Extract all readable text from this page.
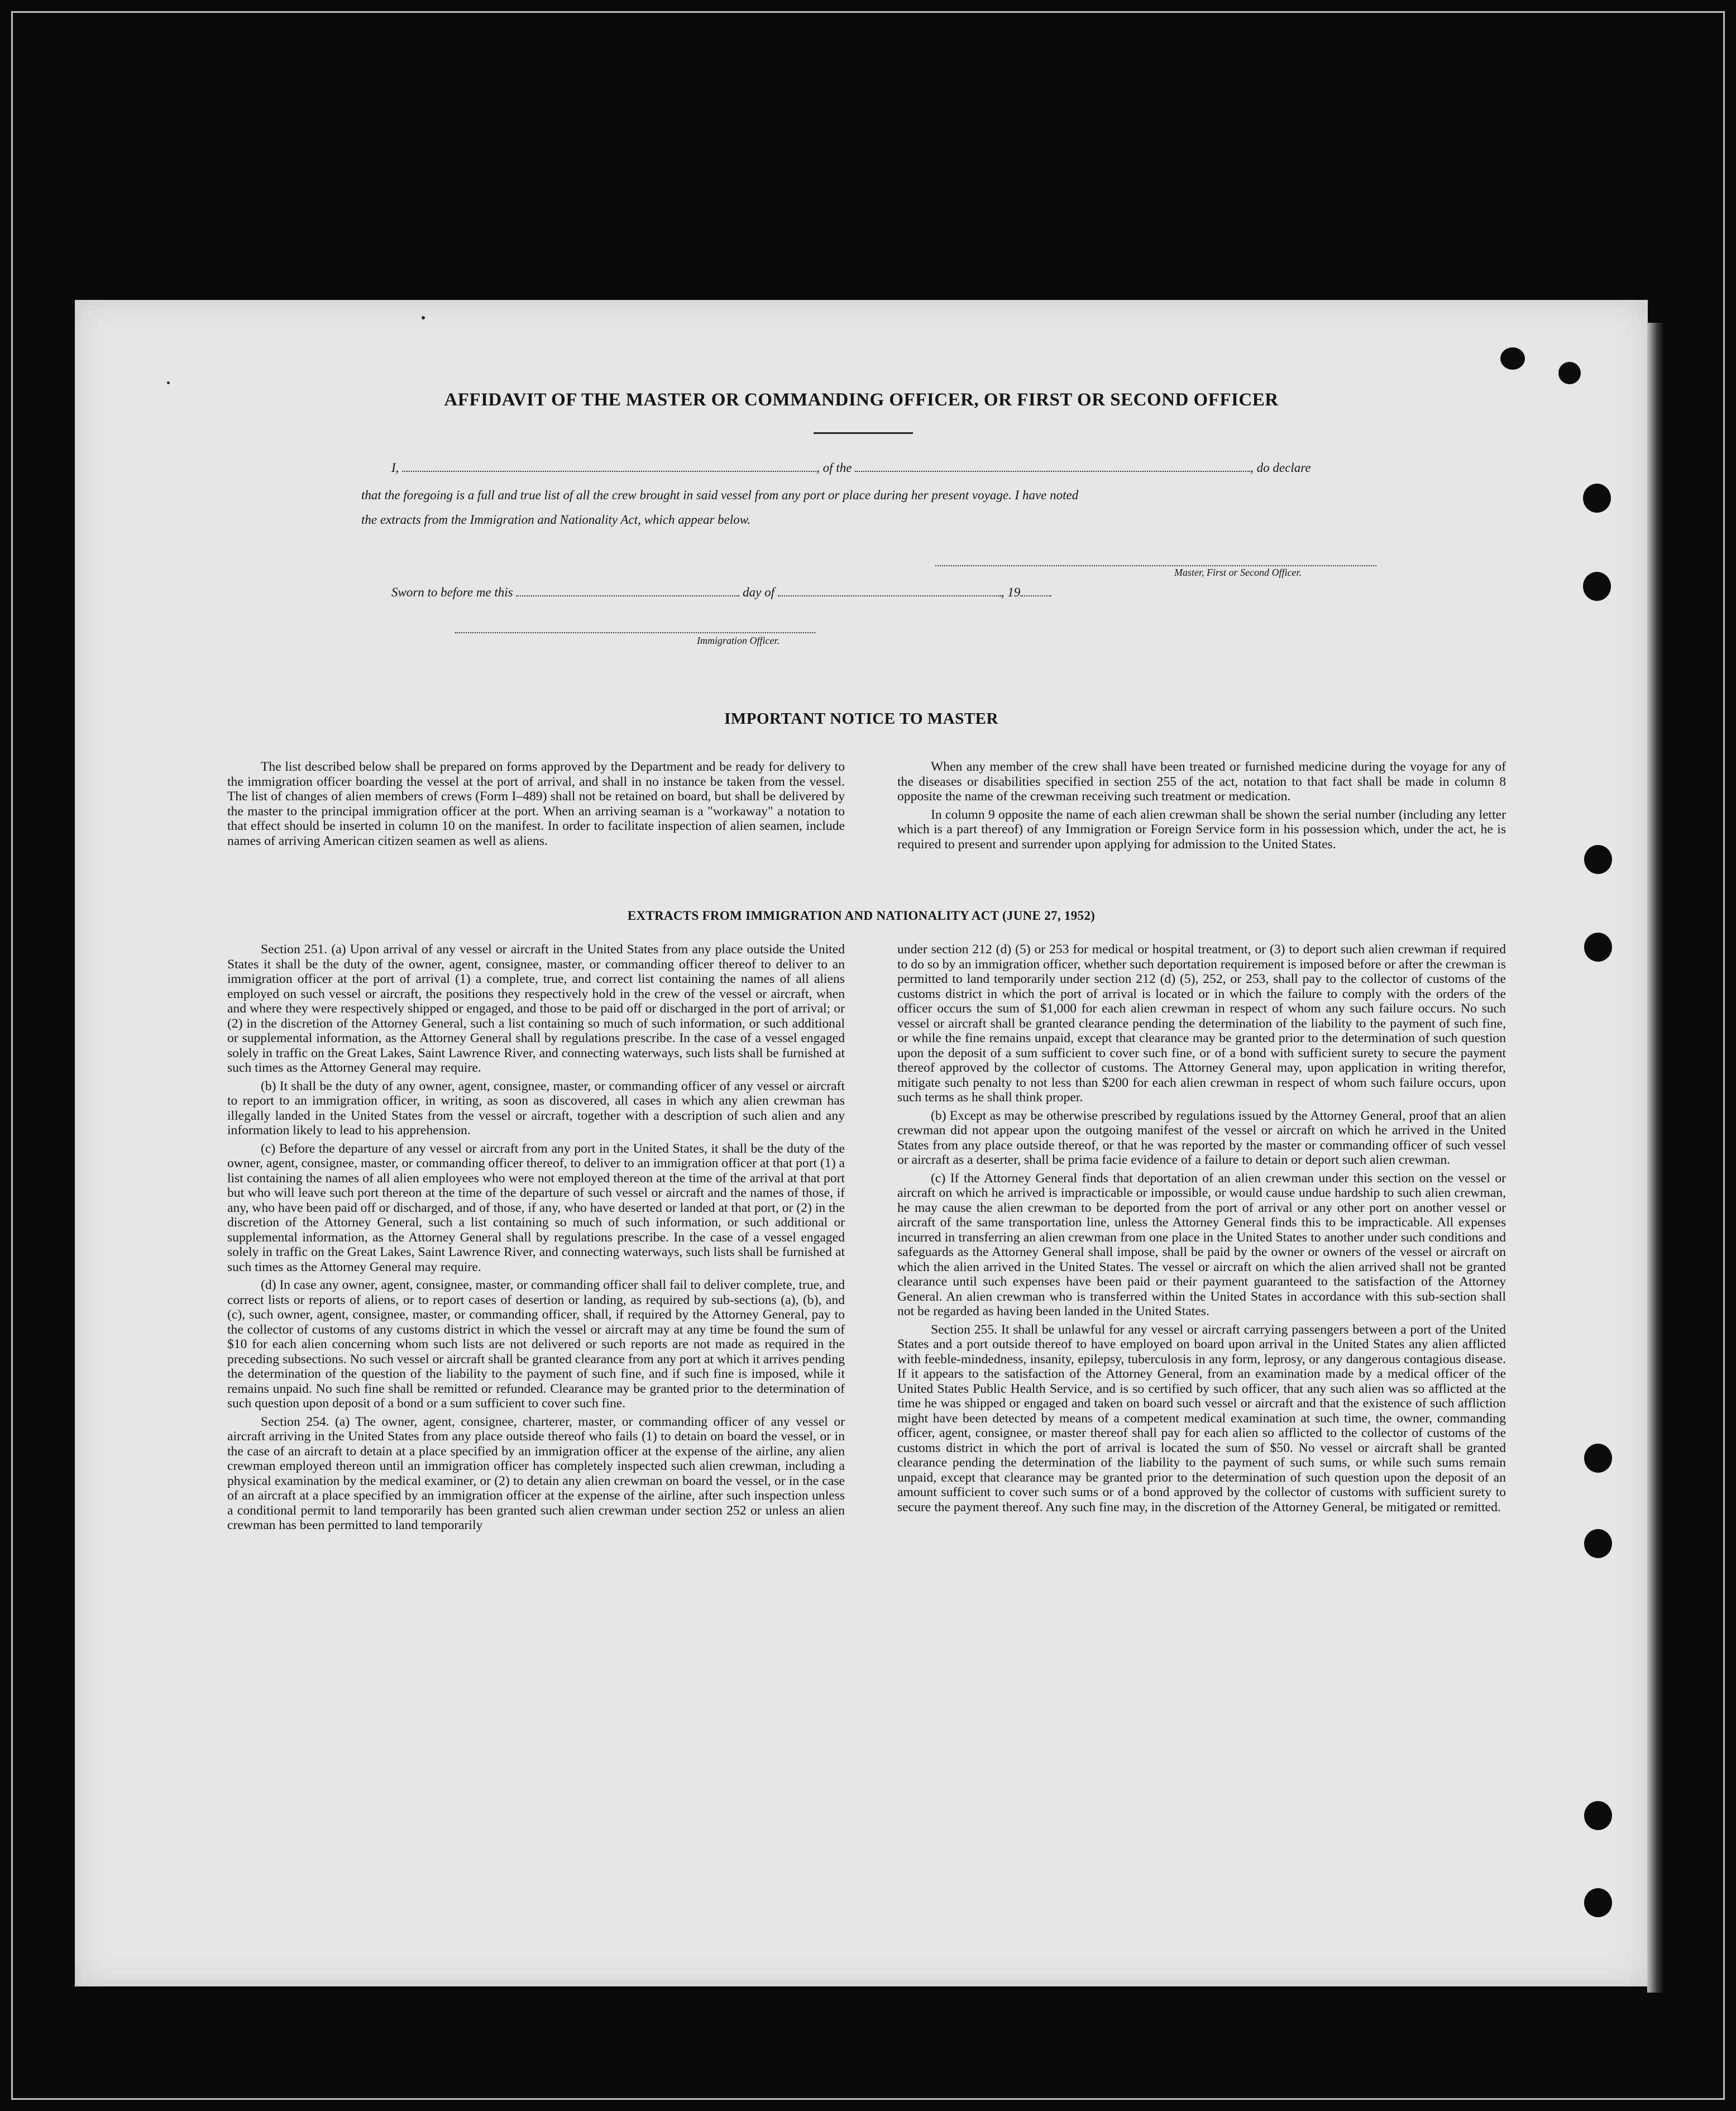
AFFIDAVIT OF THE MASTER OR COMMANDING OFFICER, OR FIRST OR SECOND OFFICER
I,	, of the	, do declare
that the foregoing is a full and true list of all the crew brought in said vessel from any port or place during her present voyage. I have noted
the extracts from the Immigration and Nationality Act, which appear below.
Master, First or Second Officer.
Sworn to before me this	day of	, 19
Immigration Officer.
IMPORTANT NOTICE TO MASTER

The list described below shall be prepared on forms approved by the Department and be ready for delivery to the immigration officer boarding the vessel at the port of arrival, and shall in no instance be taken from the vessel. The list of changes of alien members of crews (Form I–489) shall not be retained on board, but shall be delivered by the master to the principal immigration officer at the port. When an arriving seaman is a "workaway" a notation to that effect should be inserted in column 10 on the manifest. In order to facilitate inspection of alien seamen, include names of arriving American citizen seamen as well as aliens.

When any member of the crew shall have been treated or furnished medicine during the voyage for any of the diseases or disabilities specified in section 255 of the act, notation to that fact shall be made in column 8 opposite the name of the crewman receiving such treatment or medication.

In column 9 opposite the name of each alien crewman shall be shown the serial number (including any letter which is a part thereof) of any Immigration or Foreign Service form in his possession which, under the act, he is required to present and surrender upon applying for admission to the United States.

EXTRACTS FROM IMMIGRATION AND NATIONALITY ACT (JUNE 27, 1952)

Section 251. (a) Upon arrival of any vessel or aircraft in the United States from any place outside the United States it shall be the duty of the owner, agent, consignee, master, or commanding officer thereof to deliver to an immigration officer at the port of arrival (1) a complete, true, and correct list containing the names of all aliens employed on such vessel or aircraft, the positions they respectively hold in the crew of the vessel or aircraft, when and where they were respectively shipped or engaged, and those to be paid off or discharged in the port of arrival; or (2) in the discretion of the Attorney General, such a list containing so much of such information, or such additional or supplemental information, as the Attorney General shall by regulations prescribe. In the case of a vessel engaged solely in traffic on the Great Lakes, Saint Lawrence River, and connecting waterways, such lists shall be furnished at such times as the Attorney General may require.

(b) It shall be the duty of any owner, agent, consignee, master, or commanding officer of any vessel or aircraft to report to an immigration officer, in writing, as soon as discovered, all cases in which any alien crewman has illegally landed in the United States from the vessel or aircraft, together with a description of such alien and any information likely to lead to his apprehension.

(c) Before the departure of any vessel or aircraft from any port in the United States, it shall be the duty of the owner, agent, consignee, master, or commanding officer thereof, to deliver to an immigration officer at that port (1) a list containing the names of all alien employees who were not employed thereon at the time of the arrival at that port but who will leave such port thereon at the time of the departure of such vessel or aircraft and the names of those, if any, who have been paid off or discharged, and of those, if any, who have deserted or landed at that port, or (2) in the discretion of the Attorney General, such a list containing so much of such information, or such additional or supplemental information, as the Attorney General shall by regulations prescribe. In the case of a vessel engaged solely in traffic on the Great Lakes, Saint Lawrence River, and connecting waterways, such lists shall be furnished at such times as the Attorney General may require.

(d) In case any owner, agent, consignee, master, or commanding officer shall fail to deliver complete, true, and correct lists or reports of aliens, or to report cases of desertion or landing, as required by sub-sections (a), (b), and (c), such owner, agent, consignee, master, or commanding officer, shall, if required by the Attorney General, pay to the collector of customs of any customs district in which the vessel or aircraft may at any time be found the sum of $10 for each alien concerning whom such lists are not delivered or such reports are not made as required in the preceding subsections. No such vessel or aircraft shall be granted clearance from any port at which it arrives pending the determination of the question of the liability to the payment of such fine, and if such fine is imposed, while it remains unpaid. No such fine shall be remitted or refunded. Clearance may be granted prior to the determination of such question upon deposit of a bond or a sum sufficient to cover such fine.

Section 254. (a) The owner, agent, consignee, charterer, master, or commanding officer of any vessel or aircraft arriving in the United States from any place outside thereof who fails (1) to detain on board the vessel, or in the case of an aircraft to detain at a place specified by an immigration officer at the expense of the airline, any alien crewman employed thereon until an immigration officer has completely inspected such alien crewman, including a physical examination by the medical examiner, or (2) to detain any alien crewman on board the vessel, or in the case of an aircraft at a place specified by an immigration officer at the expense of the airline, after such inspection unless a conditional permit to land temporarily has been granted such alien crewman under section 252 or unless an alien crewman has been permitted to land temporarily

under section 212 (d) (5) or 253 for medical or hospital treatment, or (3) to deport such alien crewman if required to do so by an immigration officer, whether such deportation requirement is imposed before or after the crewman is permitted to land temporarily under section 212 (d) (5), 252, or 253, shall pay to the collector of customs of the customs district in which the port of arrival is located or in which the failure to comply with the orders of the officer occurs the sum of $1,000 for each alien crewman in respect of whom any such failure occurs. No such vessel or aircraft shall be granted clearance pending the determination of the liability to the payment of such fine, or while the fine remains unpaid, except that clearance may be granted prior to the determination of such question upon the deposit of a sum sufficient to cover such fine, or of a bond with sufficient surety to secure the payment thereof approved by the collector of customs. The Attorney General may, upon application in writing therefor, mitigate such penalty to not less than $200 for each alien crewman in respect of whom such failure occurs, upon such terms as he shall think proper.

(b) Except as may be otherwise prescribed by regulations issued by the Attorney General, proof that an alien crewman did not appear upon the outgoing manifest of the vessel or aircraft on which he arrived in the United States from any place outside thereof, or that he was reported by the master or commanding officer of such vessel or aircraft as a deserter, shall be prima facie evidence of a failure to detain or deport such alien crewman.

(c) If the Attorney General finds that deportation of an alien crewman under this section on the vessel or aircraft on which he arrived is impracticable or impossible, or would cause undue hardship to such alien crewman, he may cause the alien crewman to be deported from the port of arrival or any other port on another vessel or aircraft of the same transportation line, unless the Attorney General finds this to be impracticable. All expenses incurred in transferring an alien crewman from one place in the United States to another under such conditions and safeguards as the Attorney General shall impose, shall be paid by the owner or owners of the vessel or aircraft on which the alien arrived in the United States. The vessel or aircraft on which the alien arrived shall not be granted clearance until such expenses have been paid or their payment guaranteed to the satisfaction of the Attorney General. An alien crewman who is transferred within the United States in accordance with this sub-section shall not be regarded as having been landed in the United States.

Section 255. It shall be unlawful for any vessel or aircraft carrying passengers between a port of the United States and a port outside thereof to have employed on board upon arrival in the United States any alien afflicted with feeble-mindedness, insanity, epilepsy, tuberculosis in any form, leprosy, or any dangerous contagious disease. If it appears to the satisfaction of the Attorney General, from an examination made by a medical officer of the United States Public Health Service, and is so certified by such officer, that any such alien was so afflicted at the time he was shipped or engaged and taken on board such vessel or aircraft and that the existence of such affliction might have been detected by means of a competent medical examination at such time, the owner, commanding officer, agent, consignee, or master thereof shall pay for each alien so afflicted to the collector of customs of the customs district in which the port of arrival is located the sum of $50. No vessel or aircraft shall be granted clearance pending the determination of the liability to the payment of such sums, or while such sums remain unpaid, except that clearance may be granted prior to the determination of such question upon the deposit of an amount sufficient to cover such sums or of a bond approved by the collector of customs with sufficient surety to secure the payment thereof. Any such fine may, in the discretion of the Attorney General, be mitigated or remitted.
